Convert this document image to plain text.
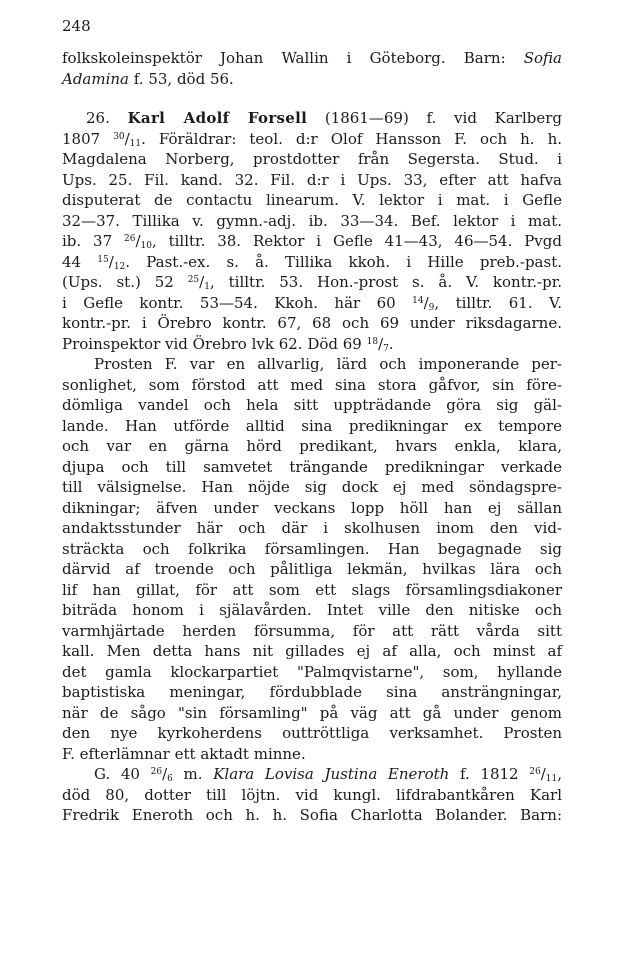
248
folkskoleinspektör Johan Wallin i Göteborg. Barn: Sofia
Adamina f. 53, död 56.
26. Karl Adolf Forsell (1861—69) f. vid Karlberg
1807 $^{30}/_{11}$. Föräldrar: teol. d:r Olof Hansson F. och h. h.
Magdalena Norberg, prostdotter från Segersta. Stud. i
Ups. 25. Fil. kand. 32. Fil. d:r i Ups. 33, efter att hafva
disputerat de contactu linearum. V. lektor i mat. i Gefle
32—37. Tillika v. gymn.-adj. ib. 33—34. Bef. lektor i mat.
ib. 37 $^{26}/_{10}$, tilltr. 38. Rektor i Gefle 41—43, 46—54. Pvgd
44 $^{15}/_{12}$. Past.-ex. s. å. Tillika kkoh. i Hille preb.-past.
(Ups. st.) 52 $^{25}/_1$, tilltr. 53. Hon.-prost s. å. V. kontr.-pr.
i Gefle kontr. 53—54. Kkoh. här 60 $^{14}/_9$, tilltr. 61. V.
kontr.-pr. i Örebro kontr. 67, 68 och 69 under riksdagarne.
Proinspektor vid Örebro lvk 62. Död 69 $^{18}/_7$.
Prosten F. var en allvarlig, lärd och imponerande per-
sonlighet, som förstod att med sina stora gåfvor, sin före-
dömliga vandel och hela sitt uppträdande göra sig gäl-
lande. Han utförde alltid sina predikningar ex tempore
och var en gärna hörd predikant, hvars enkla, klara,
djupa och till samvetet trängande predikningar verkade
till välsignelse. Han nöjde sig dock ej med söndagspre-
dikningar; äfven under veckans lopp höll han ej sällan
andaktsstunder här och där i skolhusen inom den vid-
sträckta och folkrika församlingen. Han begagnade sig
därvid af troende och pålitliga lekmän, hvilkas lära och
lif han gillat, för att som ett slags församlingsdiakoner
biträda honom i själavården. Intet ville den nitiske och
varmhjärtade herden försumma, för att rätt vårda sitt
kall. Men detta hans nit gillades ej af alla, och minst af
det gamla klockarpartiet "Palmqvistarne", som, hyllande
baptistiska meningar, fördubblade sina ansträngningar,
när de sågo "sin församling" på väg att gå under genom
den nye kyrkoherdens outtröttliga verksamhet. Prosten
F. efterlämnar ett aktadt minne.
G. 40 $^{26}/_6$ m. Klara Lovisa Justina Eneroth f. 1812 $^{26}/_{11}$,
död 80, dotter till löjtn. vid kungl. lifdrabantkåren Karl
Fredrik Eneroth och h. h. Sofia Charlotta Bolander. Barn:
